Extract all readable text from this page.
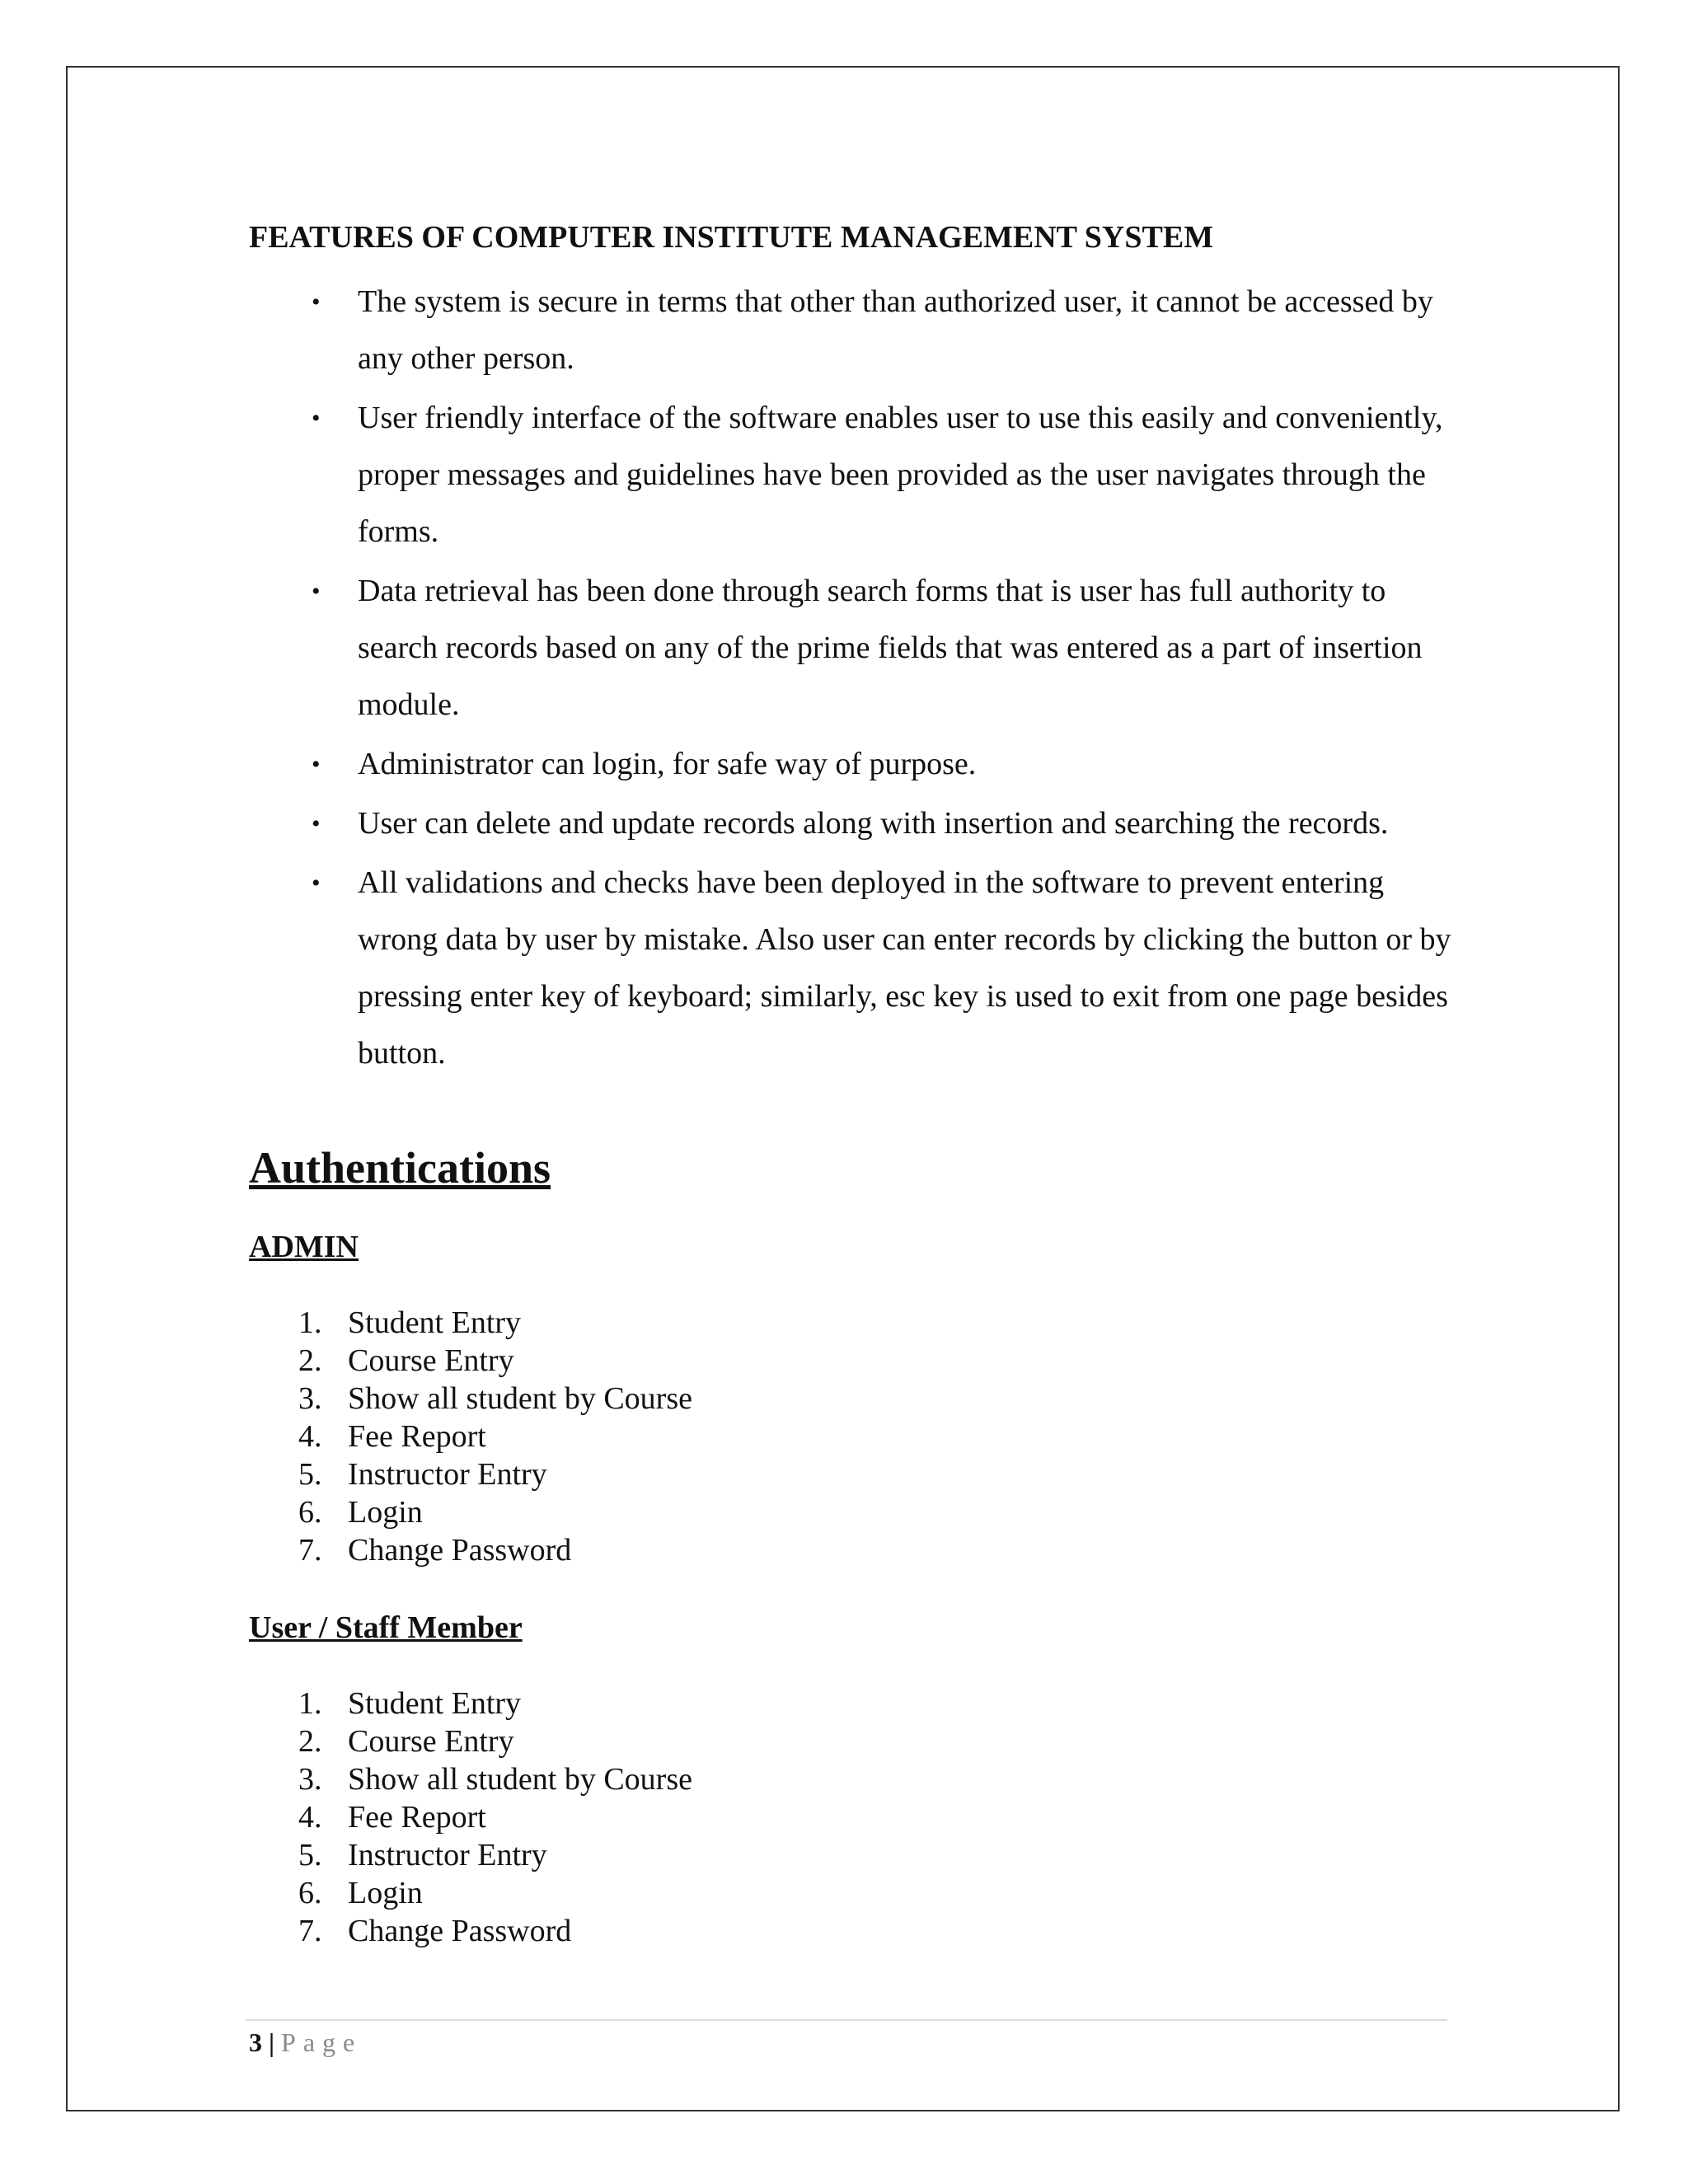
FEATURES OF COMPUTER INSTITUTE MANAGEMENT SYSTEM
• The system is secure in terms that other than authorized user, it cannot be accessed by any other person.
• User friendly interface of the software enables user to use this easily and conveniently, proper messages and guidelines have been provided as the user navigates through the forms.
• Data retrieval has been done through search forms that is user has full authority to search records based on any of the prime fields that was entered as a part of insertion module.
• Administrator can login, for safe way of purpose.
• User can delete and update records along with insertion and searching the records.
• All validations and checks have been deployed in the software to prevent entering wrong data by user by mistake. Also user can enter records by clicking the button or by pressing enter key of keyboard; similarly, esc key is used to exit from one page besides button.
Authentications
ADMIN
1. Student Entry
2. Course Entry
3. Show all student by Course
4. Fee Report
5. Instructor Entry
6. Login
7. Change Password
User / Staff Member
1. Student Entry
2. Course Entry
3. Show all student by Course
4. Fee Report
5. Instructor Entry
6. Login
7. Change Password
3 | Page
